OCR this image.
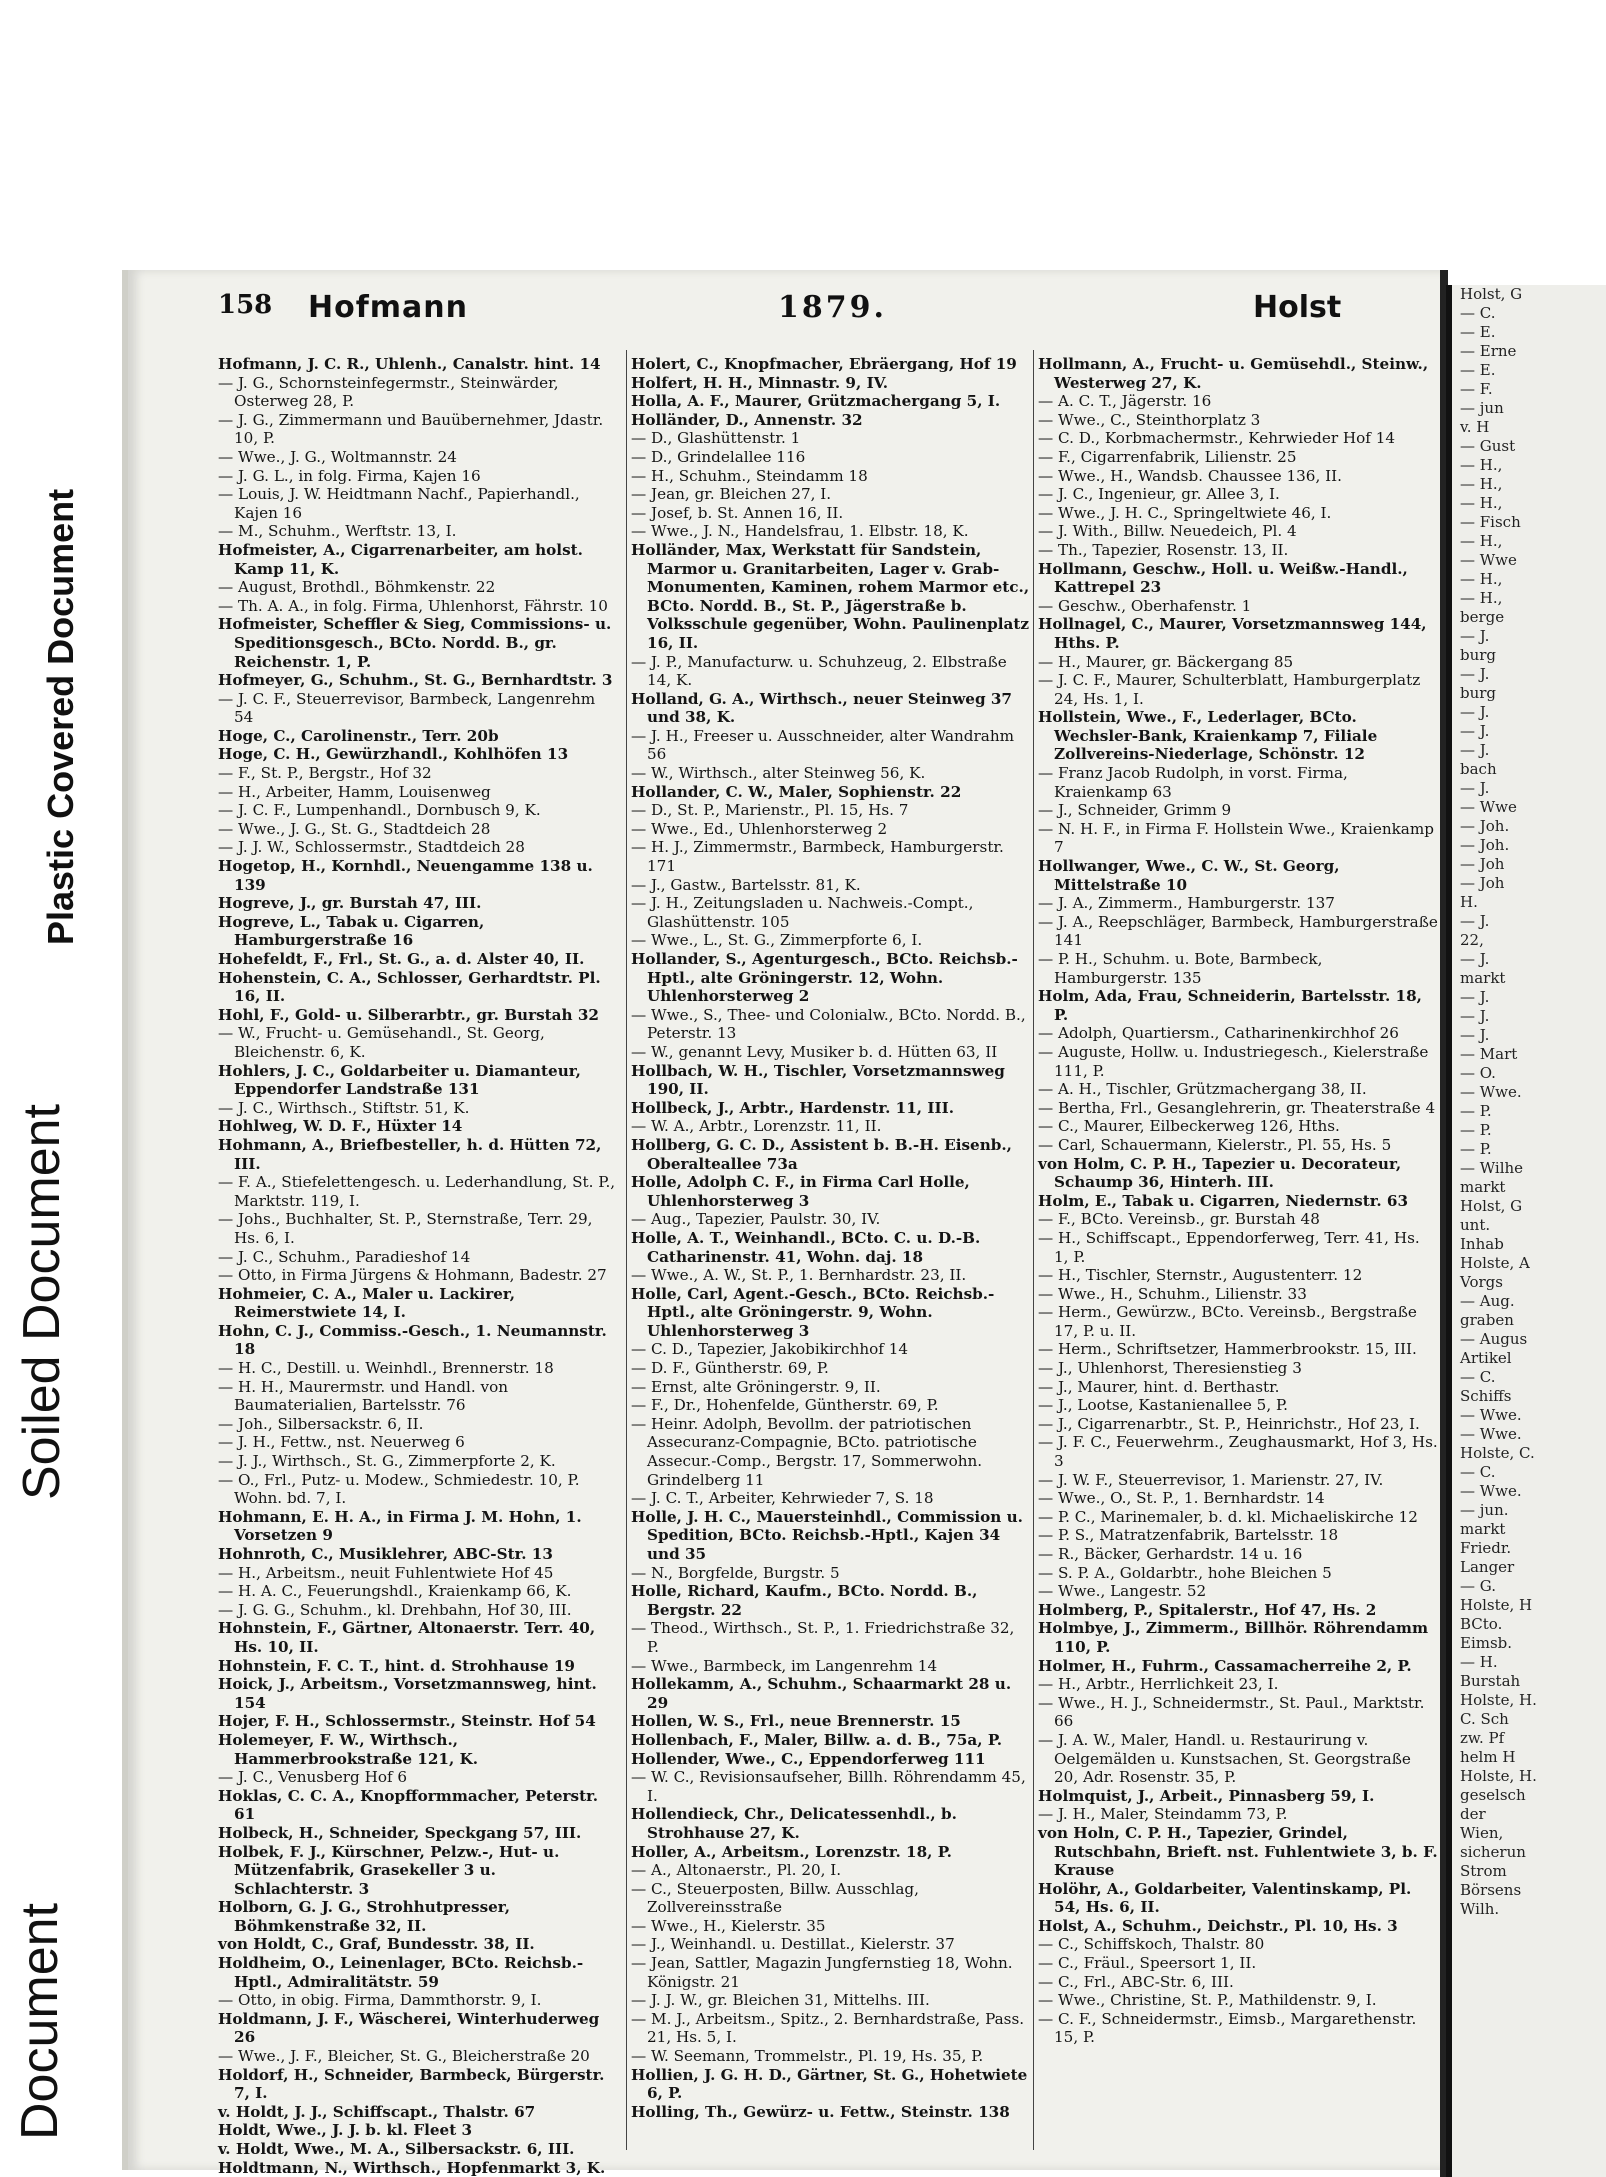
Plastic Covered Document
Soiled Document
Document
158 Hofmann	1879.	Holst

Hofmann, J. C. R., Uhlenh., Canalstr. hint. 14

— J. G., Schornsteinfegermstr., Steinwärder, Osterweg 28, P.

— J. G., Zimmermann und Bauübernehmer, Jdastr. 10, P.

— Wwe., J. G., Woltmannstr. 24

— J. G. L., in folg. Firma, Kajen 16

— Louis, J. W. Heidtmann Nachf., Papierhandl., Kajen 16

— M., Schuhm., Werftstr. 13, I.

Hofmeister, A., Cigarrenarbeiter, am holst. Kamp 11, K.

— August, Brothdl., Böhmkenstr. 22

— Th. A. A., in folg. Firma, Uhlenhorst, Fährstr. 10

Hofmeister, Scheffler & Sieg, Commissions- u. Speditionsgesch., BCto. Nordd. B., gr. Reichenstr. 1, P.

Hofmeyer, G., Schuhm., St. G., Bernhardtstr. 3

— J. C. F., Steuerrevisor, Barmbeck, Langenrehm 54

Hoge, C., Carolinenstr., Terr. 20b

Hoge, C. H., Gewürzhandl., Kohlhöfen 13

— F., St. P., Bergstr., Hof 32

— H., Arbeiter, Hamm, Louisenweg

— J. C. F., Lumpenhandl., Dornbusch 9, K.

— Wwe., J. G., St. G., Stadtdeich 28

— J. J. W., Schlossermstr., Stadtdeich 28

Hogetop, H., Kornhdl., Neuengamme 138 u. 139

Hogreve, J., gr. Burstah 47, III.

Hogreve, L., Tabak u. Cigarren, Hamburgerstraße 16

Hohefeldt, F., Frl., St. G., a. d. Alster 40, II.

Hohenstein, C. A., Schlosser, Gerhardtstr. Pl. 16, II.

Hohl, F., Gold- u. Silberarbtr., gr. Burstah 32

— W., Frucht- u. Gemüsehandl., St. Georg, Bleichenstr. 6, K.

Hohlers, J. C., Goldarbeiter u. Diamanteur, Eppendorfer Landstraße 131

— J. C., Wirthsch., Stiftstr. 51, K.

Hohlweg, W. D. F., Hüxter 14

Hohmann, A., Briefbesteller, h. d. Hütten 72, III.

— F. A., Stiefelettengesch. u. Lederhandlung, St. P., Marktstr. 119, I.

— Johs., Buchhalter, St. P., Sternstraße, Terr. 29, Hs. 6, I.

— J. C., Schuhm., Paradieshof 14

— Otto, in Firma Jürgens & Hohmann, Badestr. 27

Hohmeier, C. A., Maler u. Lackirer, Reimerstwiete 14, I.

Hohn, C. J., Commiss.-Gesch., 1. Neumannstr. 18

— H. C., Destill. u. Weinhdl., Brennerstr. 18

— H. H., Maurermstr. und Handl. von Baumaterialien, Bartelsstr. 76

— Joh., Silbersackstr. 6, II.

— J. H., Fettw., nst. Neuerweg 6

— J. J., Wirthsch., St. G., Zimmerpforte 2, K.

— O., Frl., Putz- u. Modew., Schmiedestr. 10, P. Wohn. bd. 7, I.

Hohmann, E. H. A., in Firma J. M. Hohn, 1. Vorsetzen 9

Hohnroth, C., Musiklehrer, ABC-Str. 13

— H., Arbeitsm., neuit Fuhlentwiete Hof 45

— H. A. C., Feuerungshdl., Kraienkamp 66, K.

— J. G. G., Schuhm., kl. Drehbahn, Hof 30, III.

Hohnstein, F., Gärtner, Altonaerstr. Terr. 40, Hs. 10, II.

Hohnstein, F. C. T., hint. d. Strohhause 19

Hoick, J., Arbeitsm., Vorsetzmannsweg, hint. 154

Hojer, F. H., Schlossermstr., Steinstr. Hof 54

Holemeyer, F. W., Wirthsch., Hammerbrookstraße 121, K.

— J. C., Venusberg Hof 6

Hoklas, C. C. A., Knopfformmacher, Peterstr. 61

Holbeck, H., Schneider, Speckgang 57, III.

Holbek, F. J., Kürschner, Pelzw.-, Hut- u. Mützenfabrik, Grasekeller 3 u. Schlachterstr. 3

Holborn, G. J. G., Strohhutpresser, Böhmkenstraße 32, II.

von Holdt, C., Graf, Bundesstr. 38, II.

Holdheim, O., Leinenlager, BCto. Reichsb.-Hptl., Admiralitätstr. 59

— Otto, in obig. Firma, Dammthorstr. 9, I.

Holdmann, J. F., Wäscherei, Winterhuderweg 26

— Wwe., J. F., Bleicher, St. G., Bleicherstraße 20

Holdorf, H., Schneider, Barmbeck, Bürgerstr. 7, I.

v. Holdt, J. J., Schiffscapt., Thalstr. 67

Holdt, Wwe., J. J. b. kl. Fleet 3

v. Holdt, Wwe., M. A., Silbersackstr. 6, III.

Holdtmann, N., Wirthsch., Hopfenmarkt 3, K.

Holert, C., Knopfmacher, Ebräergang, Hof 19

Holfert, H. H., Minnastr. 9, IV.

Holla, A. F., Maurer, Grützmachergang 5, I.

Holländer, D., Annenstr. 32

— D., Glashüttenstr. 1

— D., Grindelallee 116

— H., Schuhm., Steindamm 18

— Jean, gr. Bleichen 27, I.

— Josef, b. St. Annen 16, II.

— Wwe., J. N., Handelsfrau, 1. Elbstr. 18, K.

Holländer, Max, Werkstatt für Sandstein, Marmor u. Granitarbeiten, Lager v. Grab-Monumenten, Kaminen, rohem Marmor etc., BCto. Nordd. B., St. P., Jägerstraße b. Volksschule gegenüber, Wohn. Paulinenplatz 16, II.

— J. P., Manufacturw. u. Schuhzeug, 2. Elbstraße 14, K.

Holland, G. A., Wirthsch., neuer Steinweg 37 und 38, K.

— J. H., Freeser u. Ausschneider, alter Wandrahm 56

— W., Wirthsch., alter Steinweg 56, K.

Hollander, C. W., Maler, Sophienstr. 22

— D., St. P., Marienstr., Pl. 15, Hs. 7

— Wwe., Ed., Uhlenhorsterweg 2

— H. J., Zimmermstr., Barmbeck, Hamburgerstr. 171

— J., Gastw., Bartelsstr. 81, K.

— J. H., Zeitungsladen u. Nachweis.-Compt., Glashüttenstr. 105

— Wwe., L., St. G., Zimmerpforte 6, I.

Hollander, S., Agenturgesch., BCto. Reichsb.-Hptl., alte Gröningerstr. 12, Wohn. Uhlenhorsterweg 2

— Wwe., S., Thee- und Colonialw., BCto. Nordd. B., Peterstr. 13

— W., genannt Levy, Musiker b. d. Hütten 63, II

Hollbach, W. H., Tischler, Vorsetzmannsweg 190, II.

Hollbeck, J., Arbtr., Hardenstr. 11, III.

— W. A., Arbtr., Lorenzstr. 11, II.

Hollberg, G. C. D., Assistent b. B.-H. Eisenb., Oberalteallee 73a

Holle, Adolph C. F., in Firma Carl Holle, Uhlenhorsterweg 3

— Aug., Tapezier, Paulstr. 30, IV.

Holle, A. T., Weinhandl., BCto. C. u. D.-B. Catharinenstr. 41, Wohn. daj. 18

— Wwe., A. W., St. P., 1. Bernhardstr. 23, II.

Holle, Carl, Agent.-Gesch., BCto. Reichsb.-Hptl., alte Gröningerstr. 9, Wohn. Uhlenhorsterweg 3

— C. D., Tapezier, Jakobikirchhof 14

— D. F., Güntherstr. 69, P.

— Ernst, alte Gröningerstr. 9, II.

— F., Dr., Hohenfelde, Güntherstr. 69, P.

— Heinr. Adolph, Bevollm. der patriotischen Assecuranz-Compagnie, BCto. patriotische Assecur.-Comp., Bergstr. 17, Sommerwohn. Grindelberg 11

— J. C. T., Arbeiter, Kehrwieder 7, S. 18

Holle, J. H. C., Mauersteinhdl., Commission u. Spedition, BCto. Reichsb.-Hptl., Kajen 34 und 35

— N., Borgfelde, Burgstr. 5

Holle, Richard, Kaufm., BCto. Nordd. B., Bergstr. 22

— Theod., Wirthsch., St. P., 1. Friedrichstraße 32, P.

— Wwe., Barmbeck, im Langenrehm 14

Hollekamm, A., Schuhm., Schaarmarkt 28 u. 29

Hollen, W. S., Frl., neue Brennerstr. 15

Hollenbach, F., Maler, Billw. a. d. B., 75a, P.

Hollender, Wwe., C., Eppendorferweg 111

— W. C., Revisionsaufseher, Billh. Röhrendamm 45, I.

Hollendieck, Chr., Delicatessenhdl., b. Strohhause 27, K.

Holler, A., Arbeitsm., Lorenzstr. 18, P.

— A., Altonaerstr., Pl. 20, I.

— C., Steuerposten, Billw. Ausschlag, Zollvereinsstraße

— Wwe., H., Kielerstr. 35

— J., Weinhandl. u. Destillat., Kielerstr. 37

— Jean, Sattler, Magazin Jungfernstieg 18, Wohn. Königstr. 21

— J. J. W., gr. Bleichen 31, Mittelhs. III.

— M. J., Arbeitsm., Spitz., 2. Bernhardstraße, Pass. 21, Hs. 5, I.

— W. Seemann, Trommelstr., Pl. 19, Hs. 35, P.

Hollien, J. G. H. D., Gärtner, St. G., Hohetwiete 6, P.

Holling, Th., Gewürz- u. Fettw., Steinstr. 138

Hollmann, A., Frucht- u. Gemüsehdl., Steinw., Westerweg 27, K.

— A. C. T., Jägerstr. 16

— Wwe., C., Steinthorplatz 3

— C. D., Korbmachermstr., Kehrwieder Hof 14

— F., Cigarrenfabrik, Lilienstr. 25

— Wwe., H., Wandsb. Chaussee 136, II.

— J. C., Ingenieur, gr. Allee 3, I.

— Wwe., J. H. C., Springeltwiete 46, I.

— J. With., Billw. Neuedeich, Pl. 4

— Th., Tapezier, Rosenstr. 13, II.

Hollmann, Geschw., Holl. u. Weißw.-Handl., Kattrepel 23

— Geschw., Oberhafenstr. 1

Hollnagel, C., Maurer, Vorsetzmannsweg 144, Hths. P.

— H., Maurer, gr. Bäckergang 85

— J. C. F., Maurer, Schulterblatt, Hamburgerplatz 24, Hs. 1, I.

Hollstein, Wwe., F., Lederlager, BCto. Wechsler-Bank, Kraienkamp 7, Filiale Zollvereins-Niederlage, Schönstr. 12

— Franz Jacob Rudolph, in vorst. Firma, Kraienkamp 63

— J., Schneider, Grimm 9

— N. H. F., in Firma F. Hollstein Wwe., Kraienkamp 7

Hollwanger, Wwe., C. W., St. Georg, Mittelstraße 10

— J. A., Zimmerm., Hamburgerstr. 137

— J. A., Reepschläger, Barmbeck, Hamburgerstraße 141

— P. H., Schuhm. u. Bote, Barmbeck, Hamburgerstr. 135

Holm, Ada, Frau, Schneiderin, Bartelsstr. 18, P.

— Adolph, Quartiersm., Catharinenkirchhof 26

— Auguste, Hollw. u. Industriegesch., Kielerstraße 111, P.

— A. H., Tischler, Grützmachergang 38, II.

— Bertha, Frl., Gesanglehrerin, gr. Theaterstraße 4

— C., Maurer, Eilbeckerweg 126, Hths.

— Carl, Schauermann, Kielerstr., Pl. 55, Hs. 5

von Holm, C. P. H., Tapezier u. Decorateur, Schaump 36, Hinterh. III.

Holm, E., Tabak u. Cigarren, Niedernstr. 63

— F., BCto. Vereinsb., gr. Burstah 48

— H., Schiffscapt., Eppendorferweg, Terr. 41, Hs. 1, P.

— H., Tischler, Sternstr., Augustenterr. 12

— Wwe., H., Schuhm., Lilienstr. 33

— Herm., Gewürzw., BCto. Vereinsb., Bergstraße 17, P. u. II.

— Herm., Schriftsetzer, Hammerbrookstr. 15, III.

— J., Uhlenhorst, Theresienstieg 3

— J., Maurer, hint. d. Berthastr.

— J., Lootse, Kastanienallee 5, P.

— J., Cigarrenarbtr., St. P., Heinrichstr., Hof 23, I.

— J. F. C., Feuerwehrm., Zeughausmarkt, Hof 3, Hs. 3

— J. W. F., Steuerrevisor, 1. Marienstr. 27, IV.

— Wwe., O., St. P., 1. Bernhardstr. 14

— P. C., Marinemaler, b. d. kl. Michaeliskirche 12

— P. S., Matratzenfabrik, Bartelsstr. 18

— R., Bäcker, Gerhardstr. 14 u. 16

— S. P. A., Goldarbtr., hohe Bleichen 5

— Wwe., Langestr. 52

Holmberg, P., Spitalerstr., Hof 47, Hs. 2

Holmbye, J., Zimmerm., Billhör. Röhrendamm 110, P.

Holmer, H., Fuhrm., Cassamacherreihe 2, P.

— H., Arbtr., Herrlichkeit 23, I.

— Wwe., H. J., Schneidermstr., St. Paul., Marktstr. 66

— J. A. W., Maler, Handl. u. Restaurirung v. Oelgemälden u. Kunstsachen, St. Georgstraße 20, Adr. Rosenstr. 35, P.

Holmquist, J., Arbeit., Pinnasberg 59, I.

— J. H., Maler, Steindamm 73, P.

von Holn, C. P. H., Tapezier, Grindel, Rutschbahn, Brieft. nst. Fuhlentwiete 3, b. F. Krause

Holöhr, A., Goldarbeiter, Valentinskamp, Pl. 54, Hs. 6, II.

Holst, A., Schuhm., Deichstr., Pl. 10, Hs. 3

— C., Schiffskoch, Thalstr. 80

— C., Fräul., Speersort 1, II.

— C., Frl., ABC-Str. 6, III.

— Wwe., Christine, St. P., Mathildenstr. 9, I.

— C. F., Schneidermstr., Eimsb., Margarethenstr. 15, P.

Holst, G

— C.

— E.

— Erne

— E.

— F.

— jun

v. H

— Gust

— H.,

— H.,

— H.,

— Fisch

— H.,

— Wwe

— H.,

— H.,

berge

— J.

burg

— J.

burg

— J.

— J.

— J.

bach

— J.

— Wwe

— Joh.

— Joh.

— Joh

— Joh

H.

— J.

22,

— J.

markt

— J.

— J.

— J.

— Mart

— O.

— Wwe.

— P.

— P.

— P.

— Wilhe

markt

Holst, G

unt.

Inhab

Holste, A

Vorgs

— Aug.

graben

— Augus

Artikel

— C.

Schiffs

— Wwe.

— Wwe.

Holste, C.

— C.

— Wwe.

— jun.

markt

Friedr.

Langer

— G.

Holste, H

BCto.

Eimsb.

— H.

Burstah

Holste, H.

C. Sch

zw. Pf

helm H

Holste, H.

geselsch

der

Wien,

sicherun

Strom

Börsens

Wilh.
